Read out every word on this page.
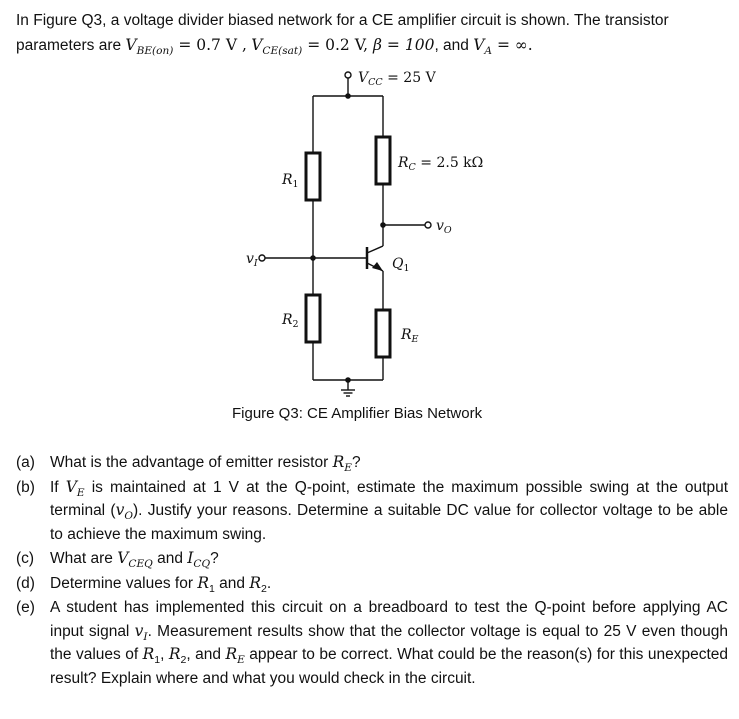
In Figure Q3, a voltage divider biased network for a CE amplifier circuit is shown. The transistor
parameters are $V_{BE(on)} = 0.7$ V , $V_{CE(sat)} = 0.2$ V, β = 100, and $V_A$ = ∞.
$V_{CC} = 25$ V
$R_1$
$R_2$
$R_C = 2.5$ kΩ
$R_E$
$Q_1$
$v_I$
$v_O$
Figure Q3: CE Amplifier Bias Network
(a) What is the advantage of emitter resistor $R_E$?
(b) If $V_E$ is maintained at 1 V at the Q-point, estimate the maximum possible swing at the output terminal $(v_O)$. Justify your reasons. Determine a suitable DC value for collector voltage to be able to achieve the maximum swing.
(c)	What are $V_{CEQ}$ and $I_{CQ}$?
(d) Determine values for $R_1$ and $R_2$.
(e) A student has implemented this circuit on a breadboard to test the Q-point before applying AC input signal $v_I$. Measurement results show that the collector voltage is equal to 25 V even though the values of $R_1$, $R_2$, and $R_E$ appear to be correct. What could be the reason(s) for this unexpected result? Explain where and what you would check in the circuit.
